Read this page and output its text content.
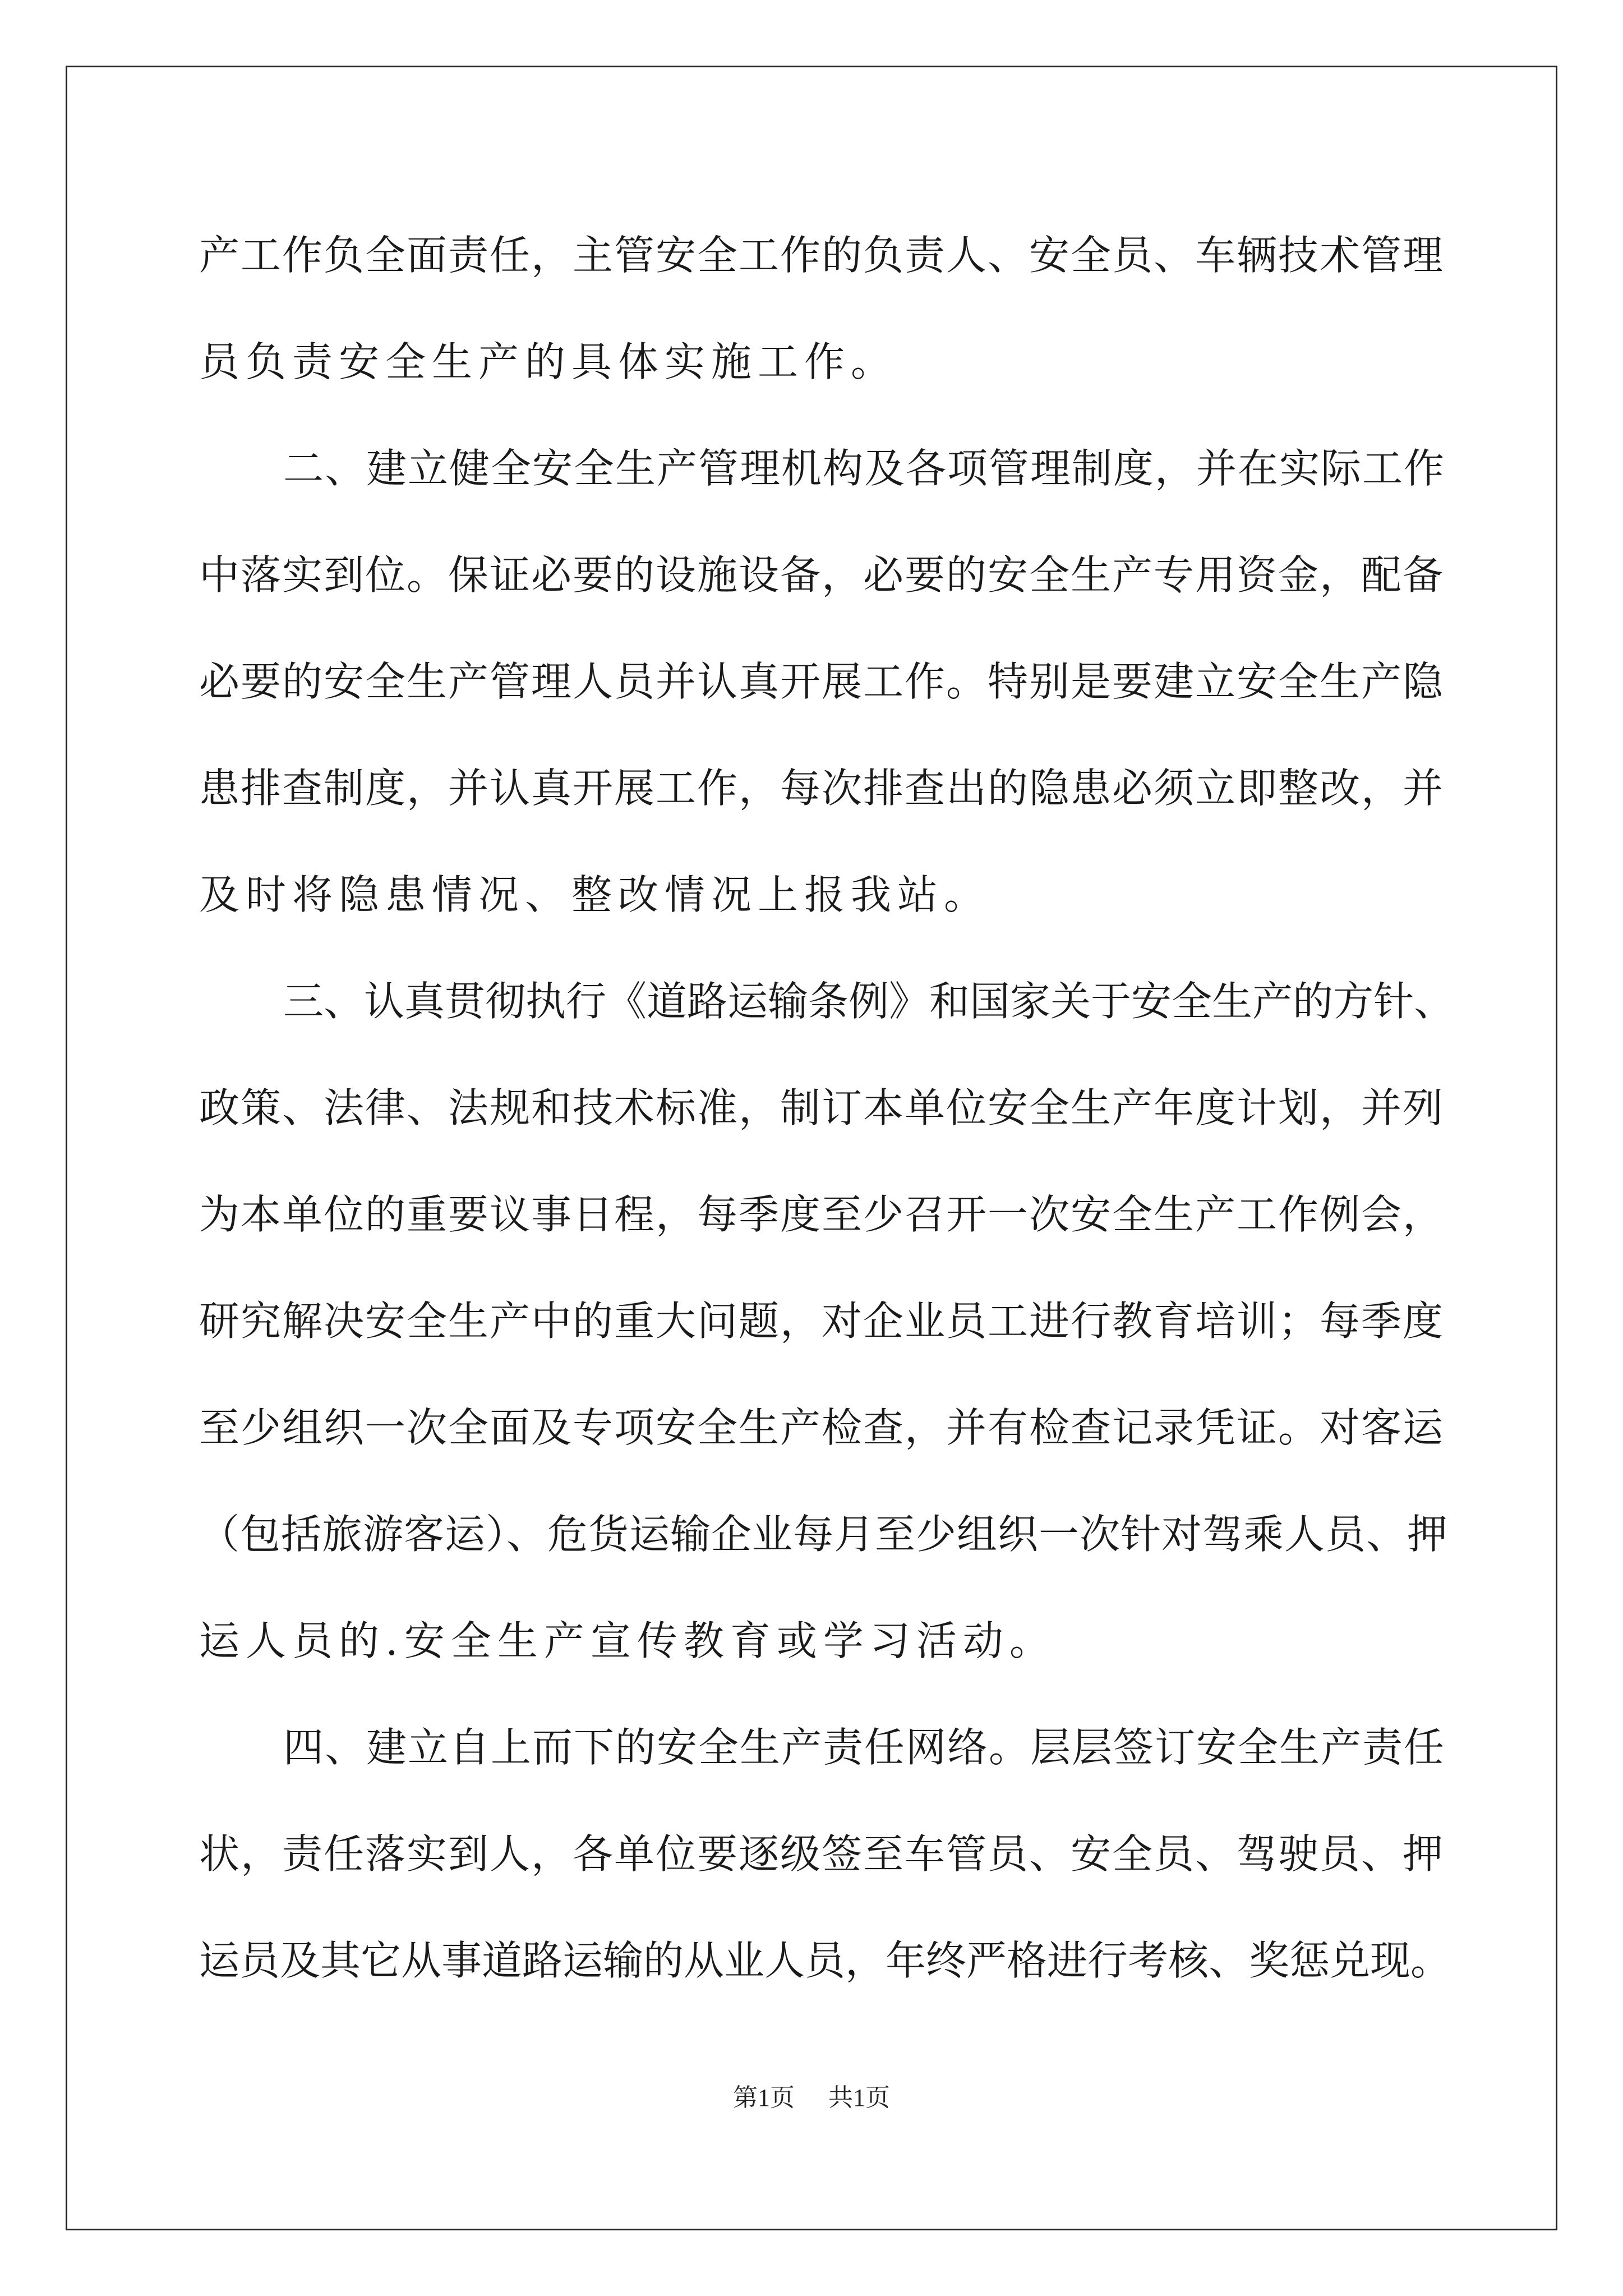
产工作负全面责任，主管安全工作的负责人、安全员、车辆技术管理
员负责安全生产的具体实施工作。
二、建立健全安全生产管理机构及各项管理制度，并在实际工作
中落实到位。保证必要的设施设备，必要的安全生产专用资金，配备
必要的安全生产管理人员并认真开展工作。特别是要建立安全生产隐
患排查制度，并认真开展工作，每次排查出的隐患必须立即整改，并
及时将隐患情况、整改情况上报我站。
三、认真贯彻执行《道路运输条例》和国家关于安全生产的方针、
政策、法律、法规和技术标准，制订本单位安全生产年度计划，并列
为本单位的重要议事日程，每季度至少召开一次安全生产工作例会，
研究解决安全生产中的重大问题，对企业员工进行教育培训；每季度
至少组织一次全面及专项安全生产检查，并有检查记录凭证。对客运
（包括旅游客运）、危货运输企业每月至少组织一次针对驾乘人员、押
运人员的.安全生产宣传教育或学习活动。
四、建立自上而下的安全生产责任网络。层层签订安全生产责任
状，责任落实到人，各单位要逐级签至车管员、安全员、驾驶员、押
运员及其它从事道路运输的从业人员，年终严格进行考核、奖惩兑现。
第1页 共1页
